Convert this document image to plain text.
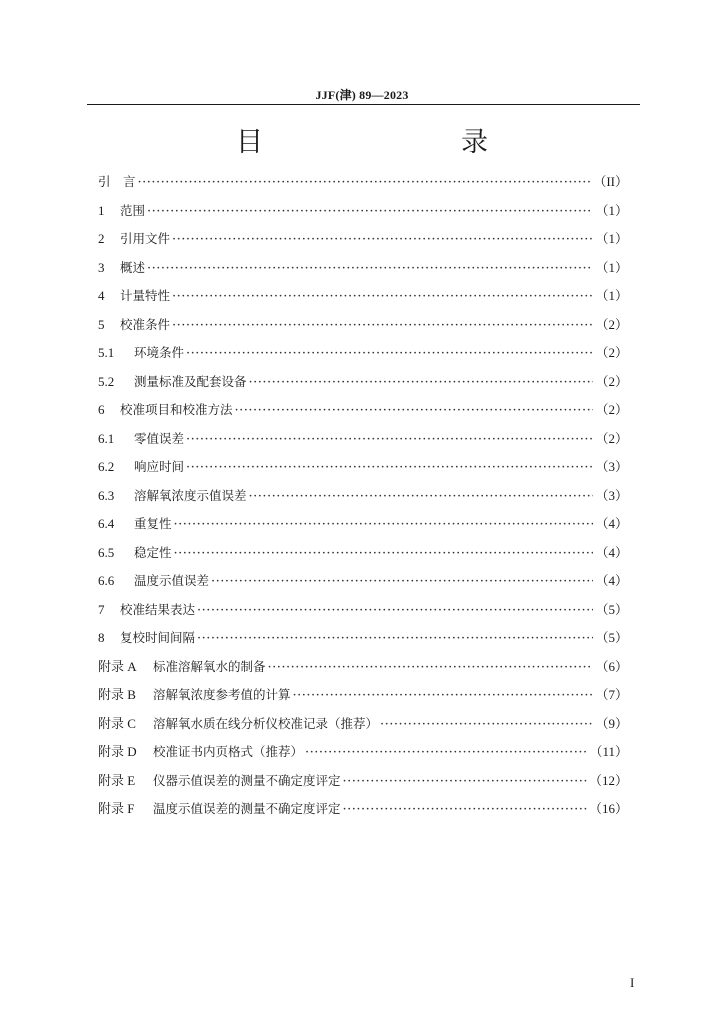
JJF(津) 89—2023
目　　录
引　言 ·····	（II）
1	范围 ·····	（1）
2	引用文件 ·····	（1）
3	概述 ·····	（1）
4	计量特性 ·····	（1）
5	校准条件 ·····	（2）
5.1	环境条件 ·····	（2）
5.2	测量标准及配套设备 ·····	（2）
6	校准项目和校准方法 ·····	（2）
6.1	零值误差 ·····	（2）
6.2	响应时间 ·····	（3）
6.3	溶解氧浓度示值误差 ·····	（3）
6.4	重复性 ·····	（4）
6.5	稳定性 ·····	（4）
6.6	温度示值误差 ·····	（4）
7	校准结果表达 ·····	（5）
8	复校时间间隔 ·····	（5）
附录 A	标准溶解氧水的制备 ·····	（6）
附录 B	溶解氧浓度参考值的计算 ·····	（7）
附录 C	溶解氧水质在线分析仪校准记录（推荐） ·····	（9）
附录 D	校准证书内页格式（推荐） ·····	（11）
附录 E	仪器示值误差的测量不确定度评定 ·····	（12）
附录 F	温度示值误差的测量不确定度评定 ·····	（16）
I
